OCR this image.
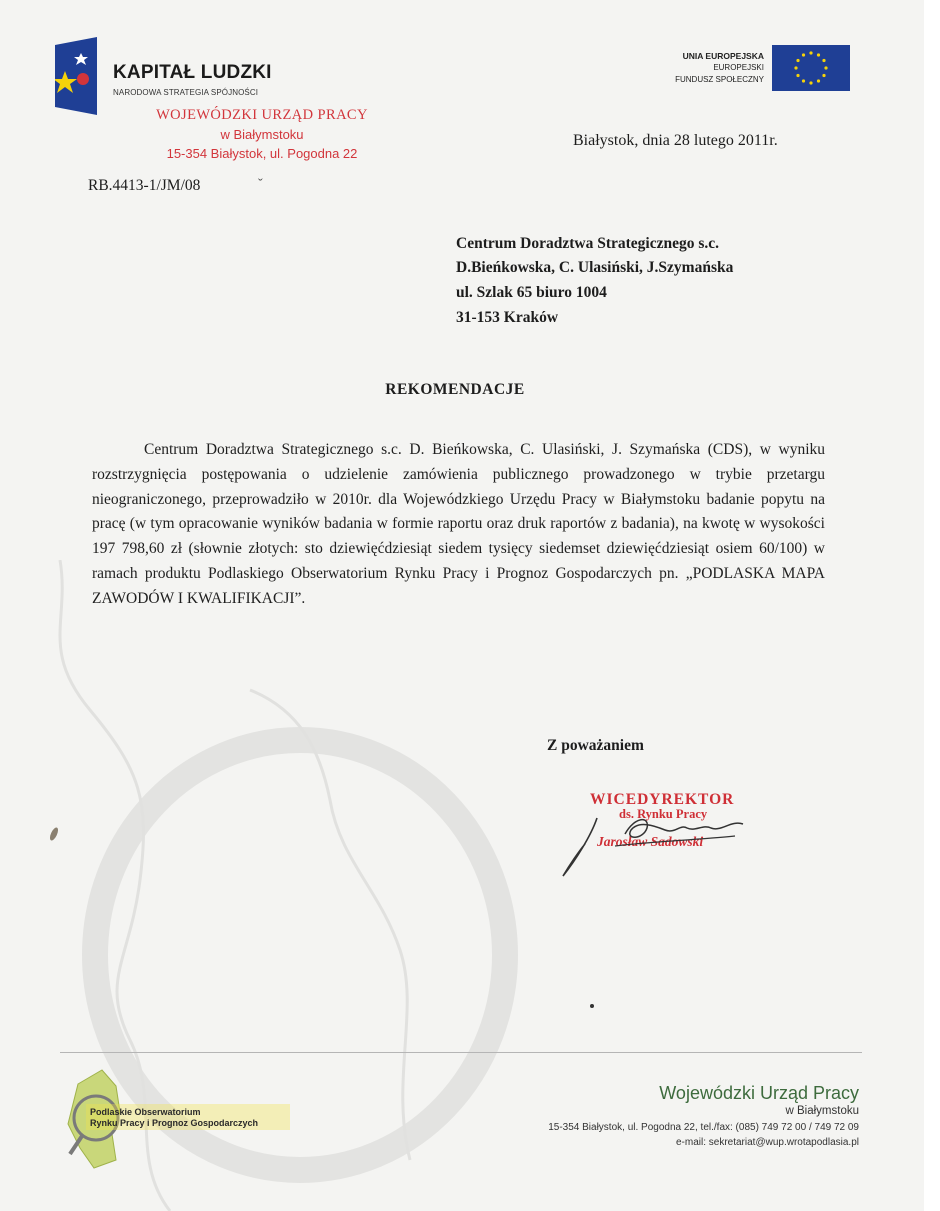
KAPITAŁ LUDZKI
NARODOWA STRATEGIA SPÓJNOŚCI
WOJEWÓDZKI URZĄD PRACY
w Białymstoku
15-354 Białystok, ul. Pogodna 22
UNIA EUROPEJSKA
EUROPEJSKI
FUNDUSZ SPOŁECZNY
Białystok, dnia 28 lutego 2011r.
RB.4413-1/JM/08	ˇ
Centrum Doradztwa Strategicznego s.c.
D.Bieńkowska, C. Ulasiński, J.Szymańska
ul. Szlak 65 biuro 1004
31-153 Kraków
REKOMENDACJE
Centrum Doradztwa Strategicznego s.c. D. Bieńkowska, C. Ulasiński, J. Szymańska (CDS), w wyniku rozstrzygnięcia postępowania o udzielenie zamówienia publicznego prowadzonego w trybie przetargu nieograniczonego, przeprowadziło w 2010r. dla Wojewódzkiego Urzędu Pracy w Białymstoku badanie popytu na pracę (w tym opracowanie wyników badania w formie raportu oraz druk raportów z badania), na kwotę w wysokości 197 798,60 zł (słownie złotych: sto dziewięćdziesiąt siedem tysięcy siedemset dziewięćdziesiąt osiem 60/100) w ramach produktu Podlaskiego Obserwatorium Rynku Pracy i Prognoz Gospodarczych pn. „PODLASKA MAPA ZAWODÓW I KWALIFIKACJI”.
Z poważaniem
WICEDYREKTOR
ds. Rynku Pracy
Jarosław Sadowski
Podlaskie Obserwatorium
Rynku Pracy i Prognoz Gospodarczych
Wojewódzki Urząd Pracy
w Białymstoku
15-354 Białystok, ul. Pogodna 22, tel./fax: (085) 749 72 00 / 749 72 09
e-mail: sekretariat@wup.wrotapodlasia.pl
